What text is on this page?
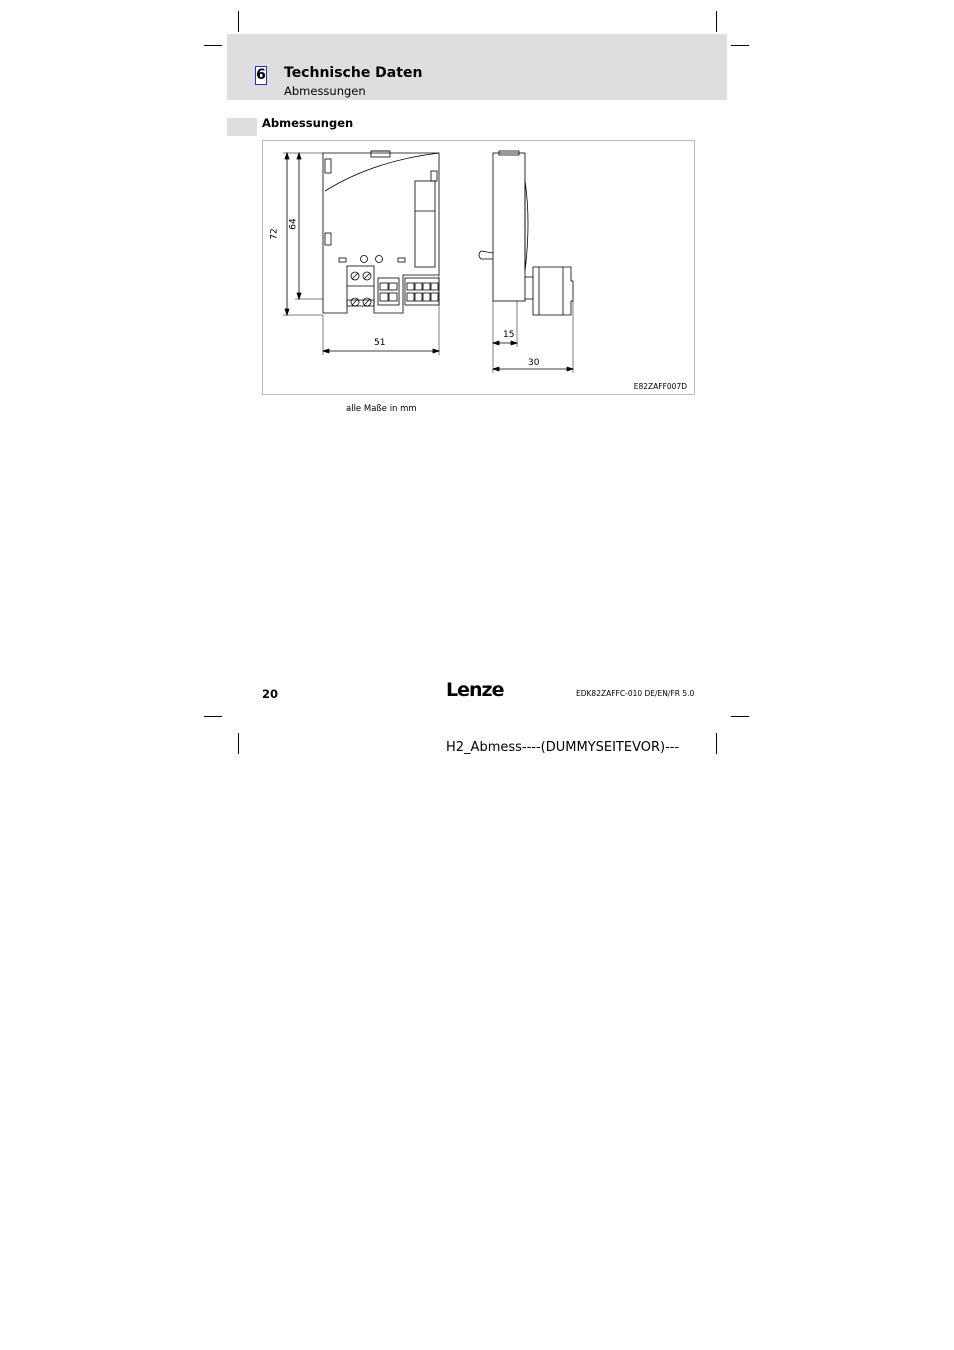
6 Technische Daten
Abmessungen
Abmessungen
72
64
51
15
30
E82ZAFF007D
alle Maße in mm
20	Lenze	EDK82ZAFFC-010 DE/EN/FR 5.0
H2_Abmess----(DUMMYSEITEVOR)---
